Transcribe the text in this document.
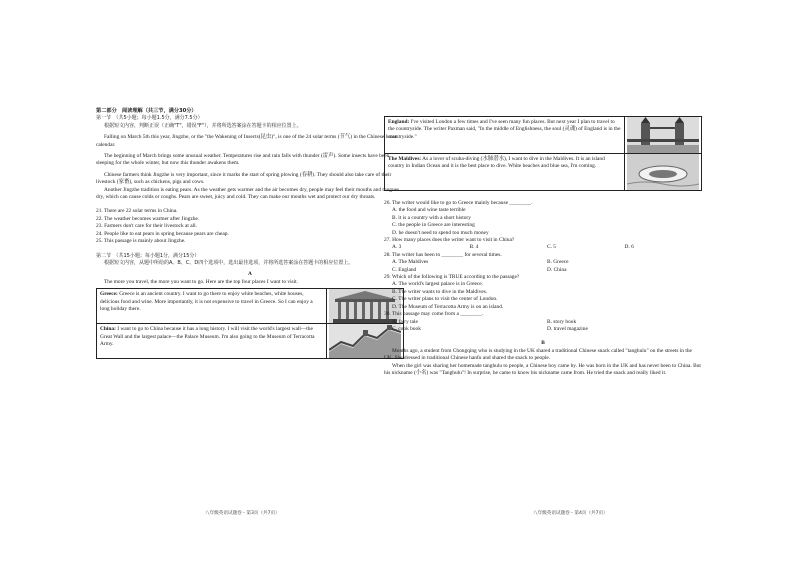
第二部分　阅读理解（共三节，满分30分）

第一节　（共5小题；每小题1.5分，满分7.5分）

根据短文内容，判断正误（正确"T"，错误"F"），并将所选答案涂在答题卡的相应位置上。

Falling on March 5th this year, Jingzhe, or the "the Wakening of Insects(昆虫)", is one of the 24 solar terms (节气) in the Chinese lunar calendar.

The beginning of March brings some unusual weather. Temperatures rise and rain falls with thunder (雷声). Some insects have been sleeping for the whole winter, but now this thunder awakens them.

Chinese farmers think Jingzhe is very important, since it marks the start of spring plowing (春耕). They should also take care of their livestock (家畜), such as chickens, pigs and cows.

Another Jingzhe tradition is eating pears. As the weather gets warmer and the air becomes dry, people may feel their mouths and tongues dry, which can cause colds or coughs. Pears are sweet, juicy and cold. They can make our mouths wet and protect our dry throats.

21. There are 22 solar terms in China.

22. The weather becomes warmer after Jingzhe.

23. Farmers don't care for their livestock at all.

24. People like to eat pears in spring because pears are cheap.

25. This passage is mainly about Jingzhe.

第二节　（共15小题；每小题1分，满分15分）

根据短文内容，从题中所给的A、B、C、D四个选项中，选出最佳选项，并将所选答案涂在答题卡的相应位置上。

A

The more you travel, the more you want to go. Here are the top four places I want to visit.

Greece: Greece is an ancient country. I want to go there to enjoy white beaches, white houses, delicious food and wine. More importantly, it is not expensive to travel in Greece. So I can enjoy a long holiday there.
China: I want to go to China because it has a long history. I will visit the world's largest wall—the Great Wall and the largest palace—the Palace Museum. I'm also going to the Museum of Terracotta Army.
England: I've visited London a few times and I've seen many fun places. But next year I plan to travel to the countryside. The writer Paxman said, "In the middle of Englishness, the soul (灵魂) of England is in the countryside."
The Maldives: As a lover of scuba-diving (水肺潜水), I want to dive in the Maldives. It is an island country in Indian Ocean and it is the best place to dive. White beaches and blue sea, I'm coming.

26. The writer would like to go to Greece mainly because ________.

A. the food and wine taste terrible

B. it is a country with a short history

C. the people in Greece are interesting

D. he doesn't need to spend too much money

27. How many places does the writer want to visit in China?

A. 3	B. 4	C. 5	D. 6

28. The writer has been to ________ for several times.

A. The Maldives	B. Greece
C. England	D. China

29. Which of the following is TRUE according to the passage?

A. The world's largest palace is in Greece.

B. The writer wants to dive in the Maldives.

C. The writer plans to visit the center of London.

D. The Museum of Terracotta Army is on an island.

30. This passage may come from a ________.

A. fairy tale	B. story book
C. cook book	D. travel magazine

B

Months ago, a student from Chongqing who is studying in the UK shared a traditional Chinese snack called "tanghulu" on the streets in the UK. She dressed in traditional Chinese hanfu and shared the snack to people.

When the girl was sharing her homemade tanghulu to people, a Chinese boy came by. He was born in the UK and has never been to China. But his nickname (小名) was "Tanghulu"! In surprise, he came to know his nickname came from. He tried the snack and really liked it.

八年级英语试题卷・第3页（共7页）	八年级英语试题卷・第4页（共7页）
